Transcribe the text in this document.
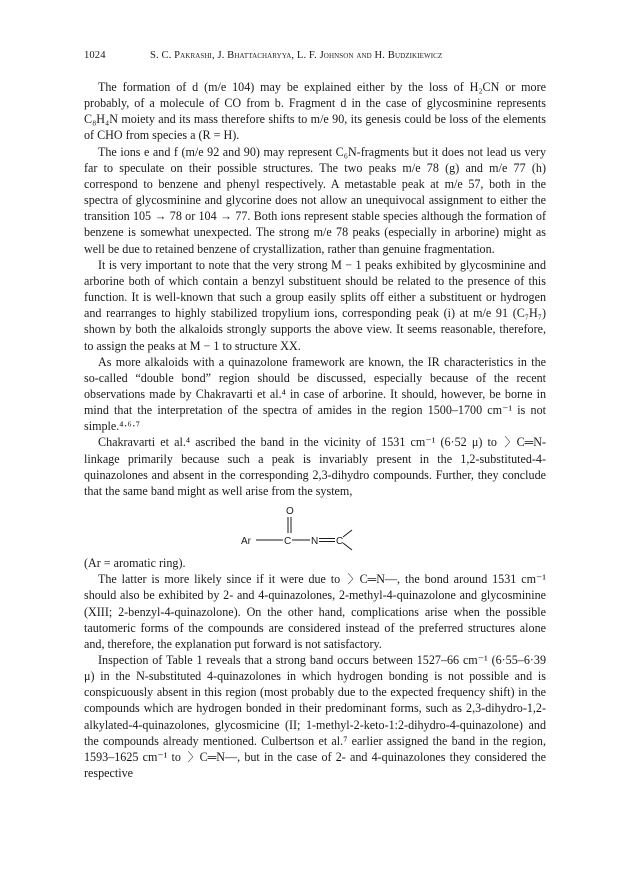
1024	S. C. Pakrashi, J. Bhattacharyya, L. F. Johnson and H. Budzikiewicz

The formation of d (m/e 104) may be explained either by the loss of H₂CN or more probably, of a molecule of CO from b. Fragment d in the case of glycosminine represents C₈H₄N moiety and its mass therefore shifts to m/e 90, its genesis could be loss of the elements of CHO from species a (R = H).

The ions e and f (m/e 92 and 90) may represent C₆N-fragments but it does not lead us very far to speculate on their possible structures. The two peaks m/e 78 (g) and m/e 77 (h) correspond to benzene and phenyl respectively. A metastable peak at m/e 57, both in the spectra of glycosminine and glycorine does not allow an unequivocal assignment to either the transition 105 → 78 or 104 → 77. Both ions represent stable species although the formation of benzene is somewhat unexpected. The strong m/e 78 peaks (especially in arborine) might as well be due to retained benzene of crystallization, rather than genuine fragmentation.

It is very important to note that the very strong M − 1 peaks exhibited by glycosminine and arborine both of which contain a benzyl substituent should be related to the presence of this function. It is well-known that such a group easily splits off either a substituent or hydrogen and rearranges to highly stabilized tropylium ions, corresponding peak (i) at m/e 91 (C₇H₇) shown by both the alkaloids strongly supports the above view. It seems reasonable, therefore, to assign the peaks at M − 1 to structure XX.

As more alkaloids with a quinazolone framework are known, the IR characteristics in the so-called “double bond” region should be discussed, especially because of the recent observations made by Chakravarti et al.⁴ in case of arborine. It should, however, be borne in mind that the interpretation of the spectra of amides in the region 1500–1700 cm⁻¹ is not simple.⁴·⁶·⁷

Chakravarti et al.⁴ ascribed the band in the vicinity of 1531 cm⁻¹ (6·52 μ) to  〉C═N-linkage primarily because such a peak is invariably present in the 1,2-substituted-4-quinazolones and absent in the corresponding 2,3-dihydro compounds. Further, they conclude that the same band might as well arise from the system,

O
Ar	C N C

(Ar = aromatic ring).

The latter is more likely since if it were due to  〉C═N—, the bond around 1531 cm⁻¹ should also be exhibited by 2- and 4-quinazolones, 2-methyl-4-quinazolone and glycosminine (XIII; 2-benzyl-4-quinazolone). On the other hand, complications arise when the possible tautomeric forms of the compounds are considered instead of the preferred structures alone and, therefore, the explanation put forward is not satisfactory.

Inspection of Table 1 reveals that a strong band occurs between 1527–66 cm⁻¹ (6·55–6·39 μ) in the N-substituted 4-quinazolones in which hydrogen bonding is not possible and is conspicuously absent in this region (most probably due to the expected frequency shift) in the compounds which are hydrogen bonded in their predominant forms, such as 2,3-dihydro-1,2-alkylated-4-quinazolones, glycosmicine (II; 1-methyl-2-keto-1:2-dihydro-4-quinazolone) and the compounds already mentioned. Culbertson et al.⁷ earlier assigned the band in the region, 1593–1625 cm⁻¹ to  〉C═N—, but in the case of 2- and 4-quinazolones they considered the respective
